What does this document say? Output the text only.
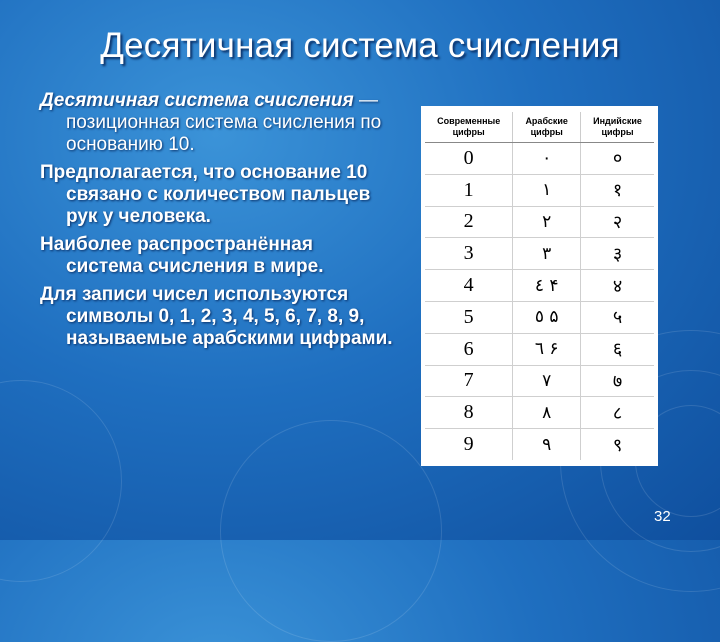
Десятичная система счисления

Десятичная система счисления — позиционная система счисления по основанию 10.

Предполагается, что основание 10 связано с количеством пальцев рук у человека.

Наиболее распространённая система счисления в мире.

Для записи чисел используются символы 0, 1, 2, 3, 4, 5, 6, 7, 8, 9, называемые арабскими цифрами.

Современные цифры	Арабские цифры	Индийские цифры
0	٠	०
1	١	१
2	٢	२
3	٣	३
4	٤ ۴	४
5	٥ ۵	५
6	٦ ۶	६
7	٧	७
8	٨	८
9	٩	९
32
